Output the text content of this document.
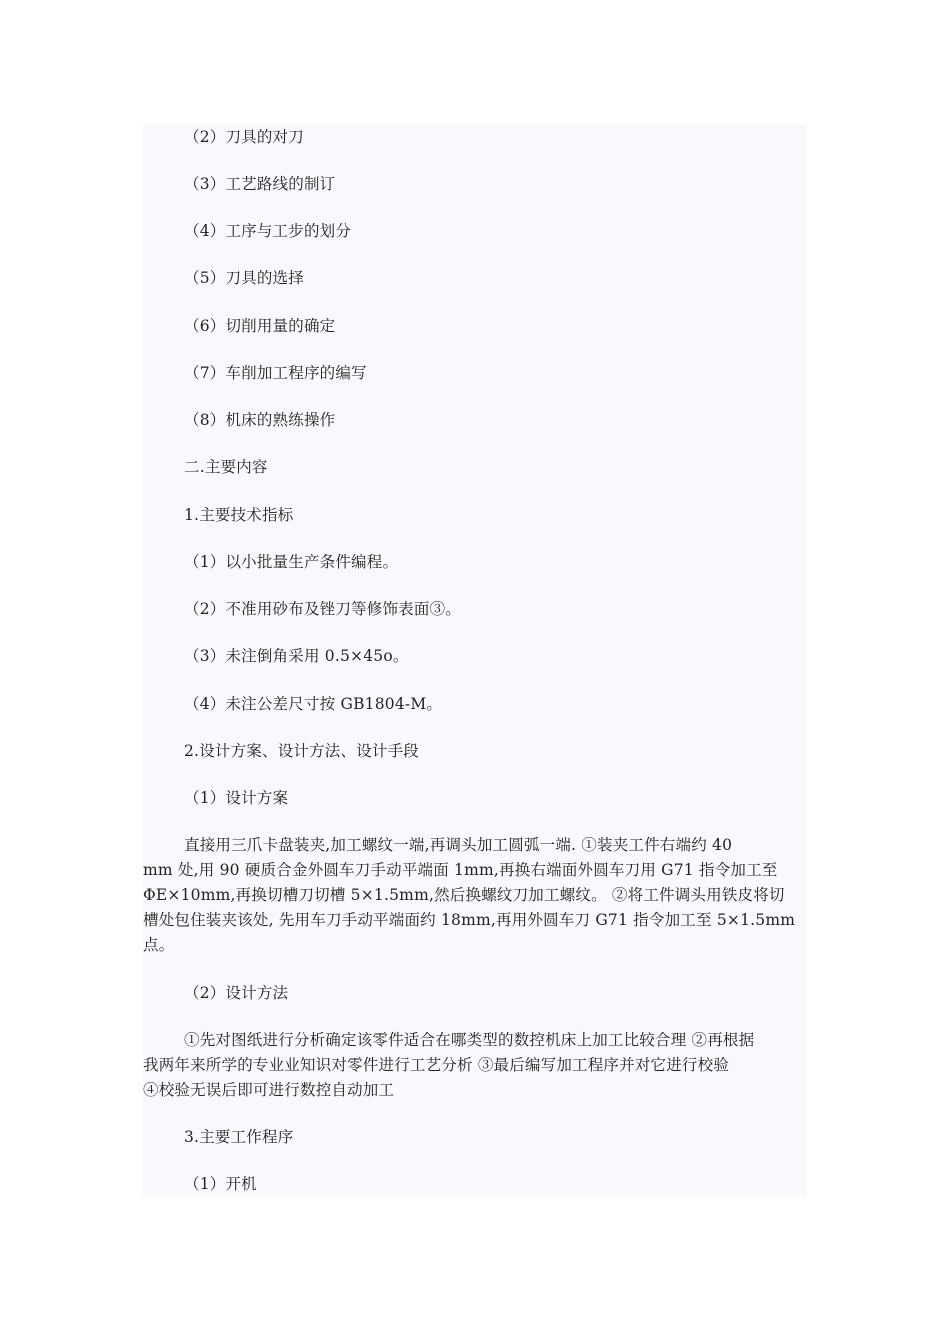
（2）刀具的对刀
（3）工艺路线的制订
（4）工序与工步的划分
（5）刀具的选择
（6）切削用量的确定
（7）车削加工程序的编写
（8）机床的熟练操作
二.主要内容
1.主要技术指标
（1）以小批量生产条件编程。
（2）不准用砂布及锉刀等修饰表面③。
（3）未注倒角采用 0.5×45o。
（4）未注公差尺寸按 GB1804-M。
2.设计方案、设计方法、设计手段
（1）设计方案
直接用三爪卡盘装夹,加工螺纹一端,再调头加工圆弧一端. ①装夹工件右端约 40
mm 处,用 90 硬质合金外圆车刀手动平端面 1mm,再换右端面外圆车刀用 G71 指令加工至
ΦE×10mm,再换切槽刀切槽 5×1.5mm,然后换螺纹刀加工螺纹。 ②将工件调头用铁皮将切
槽处包住装夹该处, 先用车刀手动平端面约 18mm,再用外圆车刀 G71 指令加工至 5×1.5mm
点。
（2）设计方法
①先对图纸进行分析确定该零件适合在哪类型的数控机床上加工比较合理 ②再根据
我两年来所学的专业业知识对零件进行工艺分析 ③最后编写加工程序并对它进行校验
④校验无误后即可进行数控自动加工
3.主要工作程序
（1）开机
